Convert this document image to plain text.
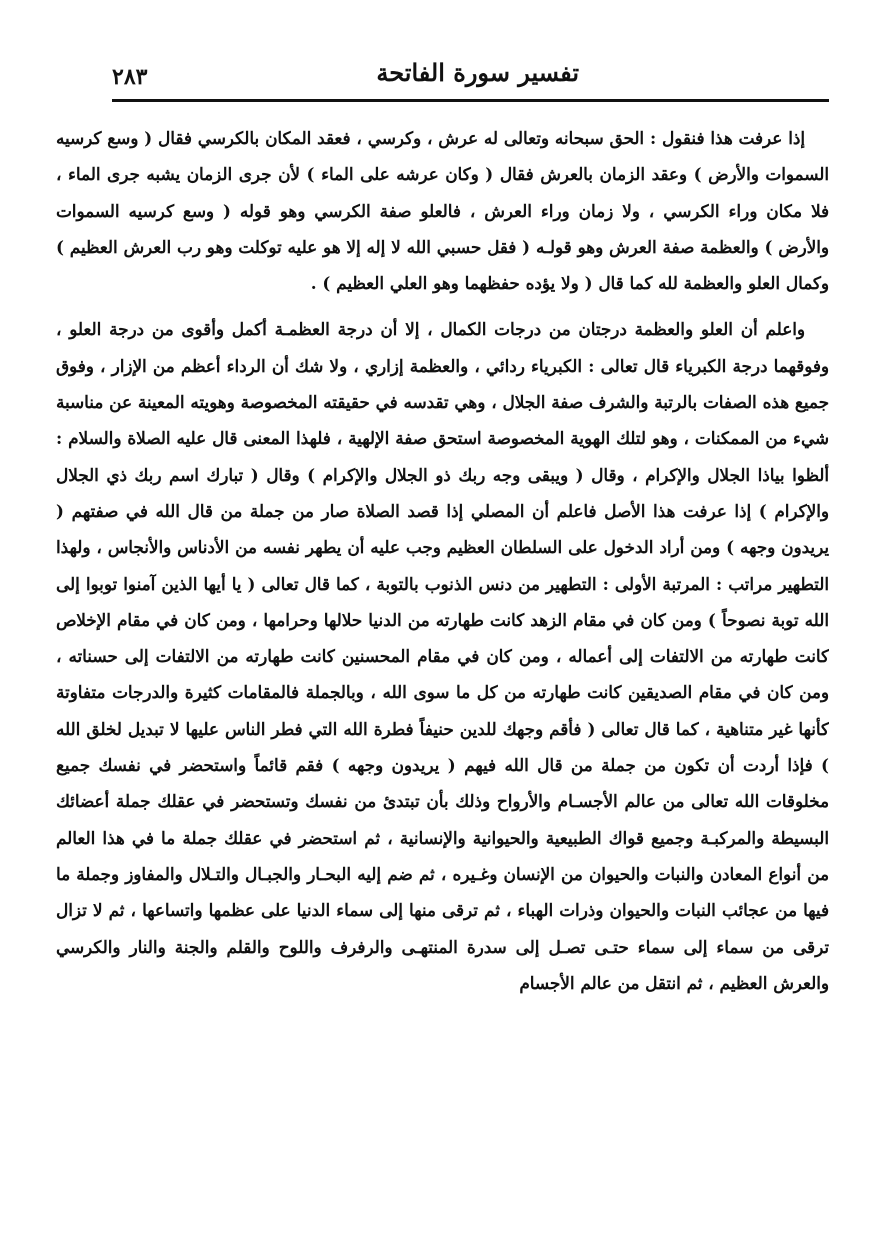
تفسير سورة الفاتحة
٢٨٣

إذا عرفت هذا فنقول : الحق سبحانه وتعالى له عرش ، وكرسي ، فعقد المكان بالكرسي فقال ( وسع كرسيه السموات والأرض ) وعقد الزمان بالعرش فقال ( وكان عرشه على الماء ) لأن جرى الزمان يشبه جرى الماء ، فلا مكان وراء الكرسي ، ولا زمان وراء العرش ، فالعلو صفة الكرسي وهو قوله ( وسع كرسيه السموات والأرض ) والعظمة صفة العرش وهو قولـه ( فقل حسبي الله لا إله إلا هو عليه توكلت وهو رب العرش العظيم ) وكمال العلو والعظمة لله كما قال ( ولا يؤده حفظهما وهو العلي العظيم ) .

واعلم أن العلو والعظمة درجتان من درجات الكمال ، إلا أن درجة العظمـة أكمل وأقوى من درجة العلو ، وفوقهما درجة الكبرياء قال تعالى : الكبرياء ردائي ، والعظمة إزاري ، ولا شك أن الرداء أعظم من الإزار ، وفوق جميع هذه الصفات بالرتبة والشرف صفة الجلال ، وهي تقدسه في حقيقته المخصوصة وهويته المعينة عن مناسبة شيء من الممكنات ، وهو لتلك الهوية المخصوصة استحق صفة الإلهية ، فلهذا المعنى قال عليه الصلاة والسلام : ألظوا بياذا الجلال والإكرام ، وقال ( ويبقى وجه ربك ذو الجلال والإكرام ) وقال ( تبارك اسم ربك ذي الجلال والإكرام ) إذا عرفت هذا الأصل فاعلم أن المصلي إذا قصد الصلاة صار من جملة من قال الله في صفتهم ( يريدون وجهه ) ومن أراد الدخول على السلطان العظيم وجب عليه أن يطهر نفسه من الأدناس والأنجاس ، ولهذا التطهير مراتب : المرتبة الأولى : التطهير من دنس الذنوب بالتوبة ، كما قال تعالى ( يا أيها الذين آمنوا توبوا إلى الله توبة نصوحاً ) ومن كان في مقام الزهد كانت طهارته من الدنيا حلالها وحرامها ، ومن كان في مقام الإخلاص كانت طهارته من الالتفات إلى أعماله ، ومن كان في مقام المحسنين كانت طهارته من الالتفات إلى حسناته ، ومن كان في مقام الصديقين كانت طهارته من كل ما سوى الله ، وبالجملة فالمقامات كثيرة والدرجات متفاوتة كأنها غير متناهية ، كما قال تعالى ( فأقم وجهك للدين حنيفاً فطرة الله التي فطر الناس عليها لا تبديل لخلق الله ) فإذا أردت أن تكون من جملة من قال الله فيهم ( يريدون وجهه ) فقم قائماً واستحضر في نفسك جميع مخلوقات الله تعالى من عالم الأجسـام والأرواح وذلك بأن تبتدئ من نفسك وتستحضر في عقلك جملة أعضائك البسيطة والمركبـة وجميع قواك الطبيعية والحيوانية والإنسانية ، ثم استحضر في عقلك جملة ما في هذا العالم من أنواع المعادن والنبات والحيوان من الإنسان وغـيره ، ثم ضم إليه البحـار والجبـال والتـلال والمفاوز وجملة ما فيها من عجائب النبات والحيوان وذرات الهباء ، ثم ترقى منها إلى سماء الدنيا على عظمها واتساعها ، ثم لا تزال ترقى من سماء إلى سماء حتـى تصـل إلى سدرة المنتهـى والرفرف واللوح والقلم والجنة والنار والكرسي والعرش العظيم ، ثم انتقل من عالم الأجسام
